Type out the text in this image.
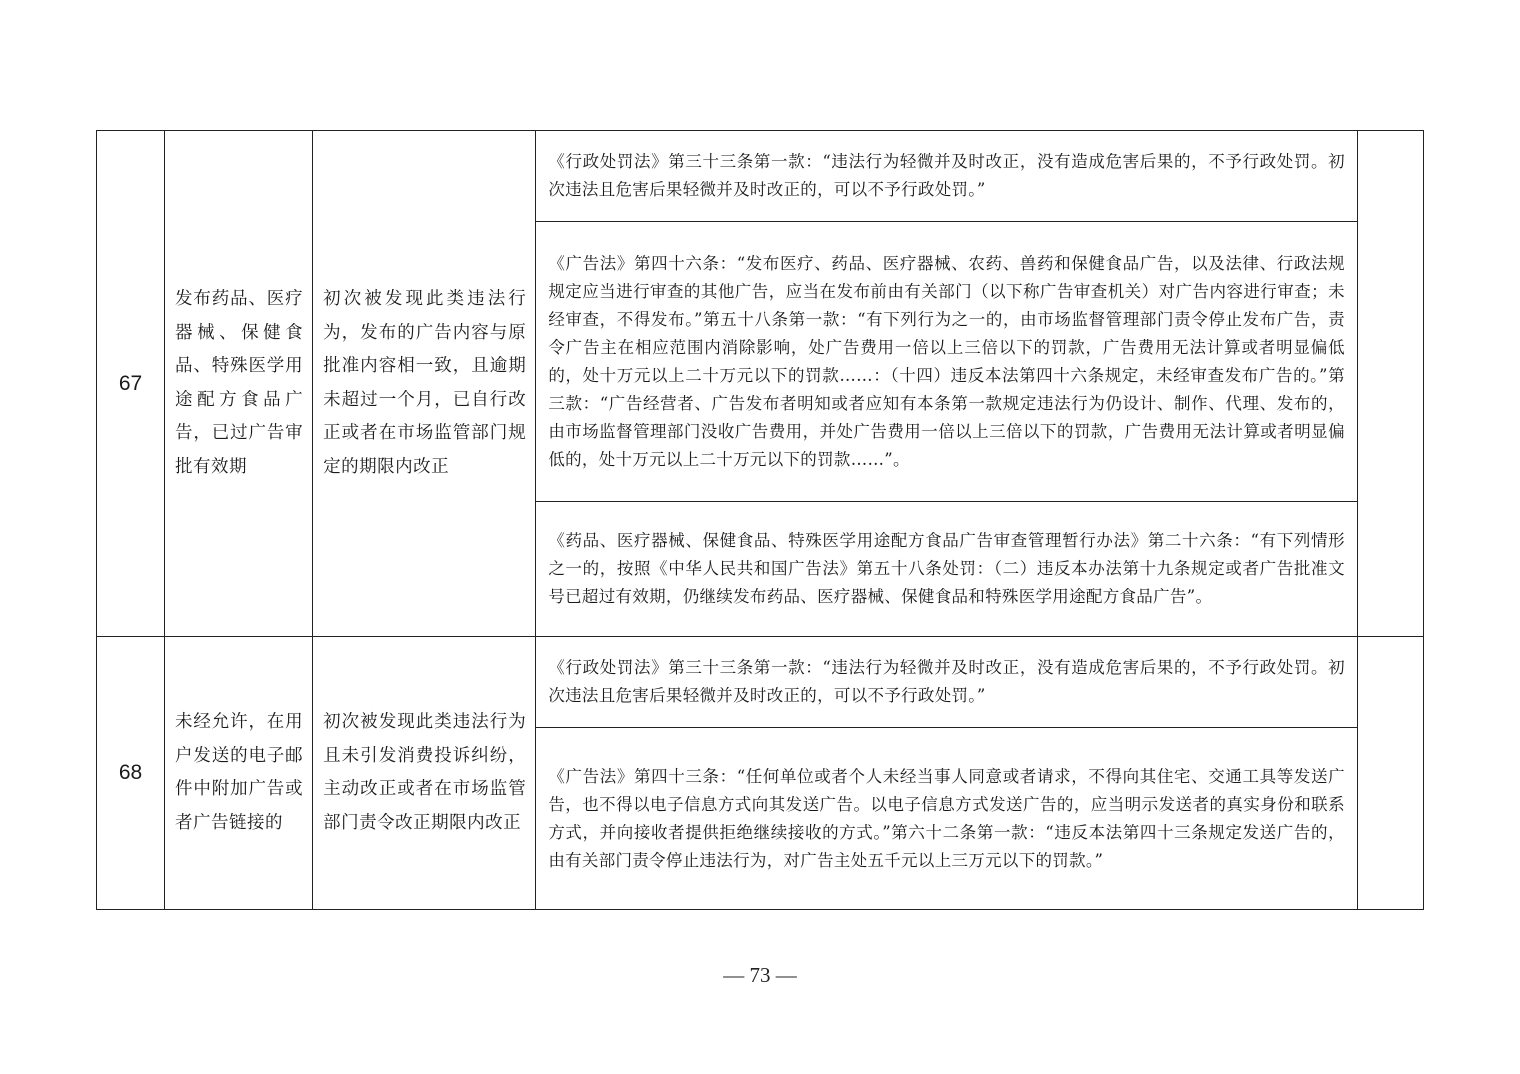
67	发布药品、医疗器械、保健食品、特殊医学用途配方食品广告，已过广告审批有效期	初次被发现此类违法行为，发布的广告内容与原批准内容相一致，且逾期未超过一个月，已自行改正或者在市场监管部门规定的期限内改正	《行政处罚法》第三十三条第一款：“违法行为轻微并及时改正，没有造成危害后果的，不予行政处罚。初次违法且危害后果轻微并及时改正的，可以不予行政处罚。”	
			《广告法》第四十六条：“发布医疗、药品、医疗器械、农药、兽药和保健食品广告，以及法律、行政法规规定应当进行审查的其他广告，应当在发布前由有关部门（以下称广告审查机关）对广告内容进行审查；未经审查，不得发布。”第五十八条第一款：“有下列行为之一的，由市场监督管理部门责令停止发布广告，责令广告主在相应范围内消除影响，处广告费用一倍以上三倍以下的罚款，广告费用无法计算或者明显偏低的，处十万元以上二十万元以下的罚款……：（十四）违反本法第四十六条规定，未经审查发布广告的。”第三款：“广告经营者、广告发布者明知或者应知有本条第一款规定违法行为仍设计、制作、代理、发布的，由市场监督管理部门没收广告费用，并处广告费用一倍以上三倍以下的罚款，广告费用无法计算或者明显偏低的，处十万元以上二十万元以下的罚款……”。	
			《药品、医疗器械、保健食品、特殊医学用途配方食品广告审查管理暂行办法》第二十六条：“有下列情形之一的，按照《中华人民共和国广告法》第五十八条处罚：（二）违反本办法第十九条规定或者广告批准文号已超过有效期，仍继续发布药品、医疗器械、保健食品和特殊医学用途配方食品广告”。	
68	未经允许，在用户发送的电子邮件中附加广告或者广告链接的	初次被发现此类违法行为且未引发消费投诉纠纷，主动改正或者在市场监管部门责令改正期限内改正	《行政处罚法》第三十三条第一款：“违法行为轻微并及时改正，没有造成危害后果的，不予行政处罚。初次违法且危害后果轻微并及时改正的，可以不予行政处罚。”	
			《广告法》第四十三条：“任何单位或者个人未经当事人同意或者请求，不得向其住宅、交通工具等发送广告，也不得以电子信息方式向其发送广告。以电子信息方式发送广告的，应当明示发送者的真实身份和联系方式，并向接收者提供拒绝继续接收的方式。”第六十二条第一款：“违反本法第四十三条规定发送广告的，由有关部门责令停止违法行为，对广告主处五千元以上三万元以下的罚款。”	
— 73 —
